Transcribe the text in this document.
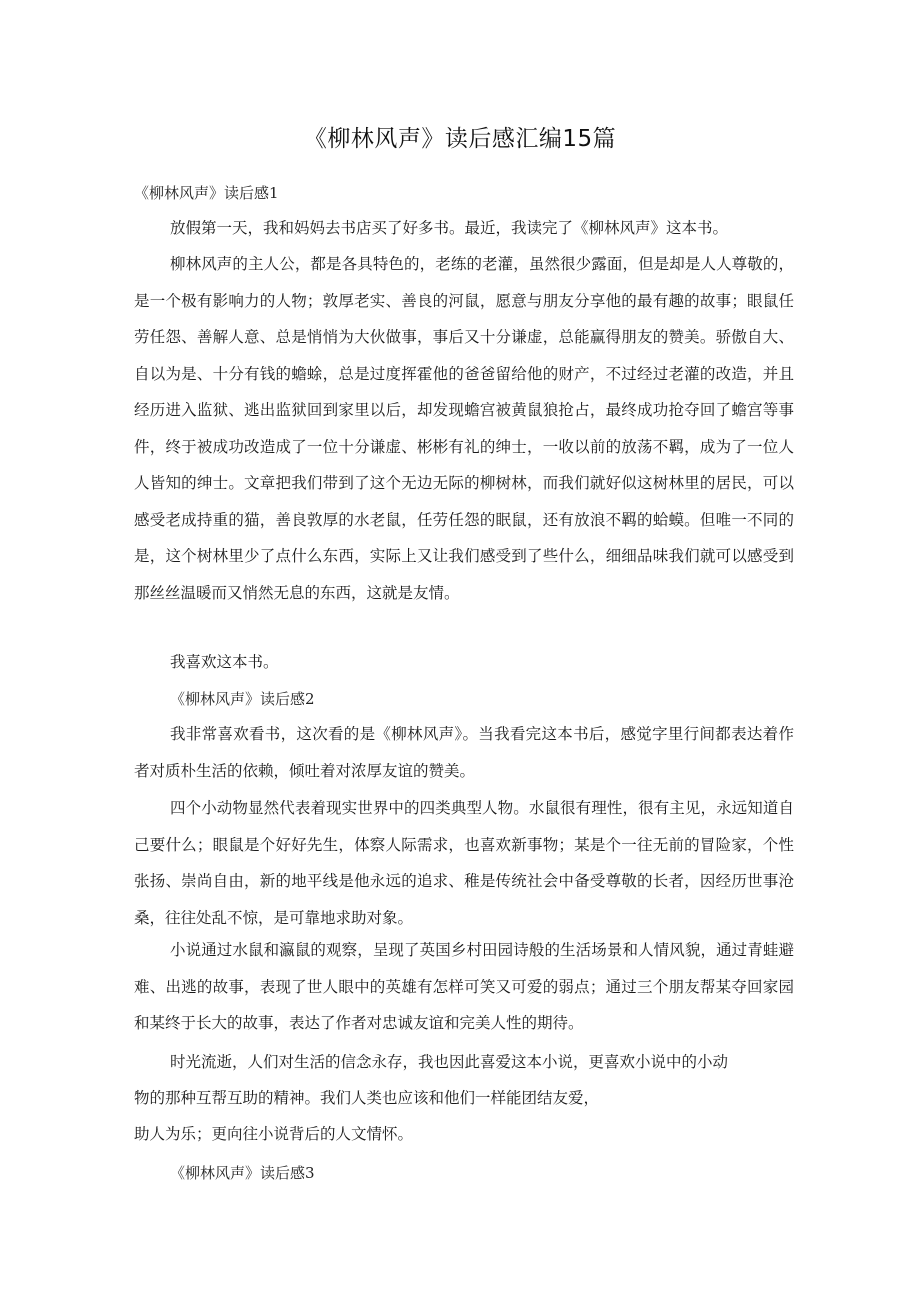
《柳林风声》读后感汇编15篇
《柳林风声》读后感1

放假第一天，我和妈妈去书店买了好多书。最近，我读完了《柳林风声》这本书。

柳林风声的主人公，都是各具特色的，老练的老灌，虽然很少露面，但是却是人人尊敬的，是一个极有影响力的人物；敦厚老实、善良的河鼠，愿意与朋友分享他的最有趣的故事；眼鼠任劳任怨、善解人意、总是悄悄为大伙做事，事后又十分谦虚，总能赢得朋友的赞美。骄傲自大、自以为是、十分有钱的蟾蜍，总是过度挥霍他的爸爸留给他的财产，不过经过老灌的改造，并且经历进入监狱、逃出监狱回到家里以后，却发现蟾宫被黄鼠狼抢占，最终成功抢夺回了蟾宫等事件，终于被成功改造成了一位十分谦虚、彬彬有礼的绅士，一收以前的放荡不羁，成为了一位人人皆知的绅士。文章把我们带到了这个无边无际的柳树林，而我们就好似这树林里的居民，可以感受老成持重的猫，善良敦厚的水老鼠，任劳任怨的眠鼠，还有放浪不羁的蛤蟆。但唯一不同的是，这个树林里少了点什么东西，实际上又让我们感受到了些什么，细细品味我们就可以感受到那丝丝温暖而又悄然无息的东西，这就是友情。

我喜欢这本书。

《柳林风声》读后感2

我非常喜欢看书，这次看的是《柳林风声》。当我看完这本书后，感觉字里行间都表达着作者对质朴生活的依赖，倾吐着对浓厚友谊的赞美。

四个小动物显然代表着现实世界中的四类典型人物。水鼠很有理性，很有主见，永远知道自己要什么；眼鼠是个好好先生，体察人际需求，也喜欢新事物；某是个一往无前的冒险家，个性张扬、崇尚自由，新的地平线是他永远的追求、稚是传统社会中备受尊敬的长者，因经历世事沧桑，往往处乱不惊，是可靠地求助对象。

小说通过水鼠和瀛鼠的观察，呈现了英国乡村田园诗般的生活场景和人情风貌，通过青蛙避难、出逃的故事，表现了世人眼中的英雄有怎样可笑又可爱的弱点；通过三个朋友帮某夺回家园和某终于长大的故事，表达了作者对忠诚友谊和完美人性的期待。

时光流逝，人们对生活的信念永存，我也因此喜爱这本小说，更喜欢小说中的小动
物的那种互帮互助的精神。我们人类也应该和他们一样能团结友爱，
助人为乐；更向往小说背后的人文情怀。
《柳林风声》读后感3
